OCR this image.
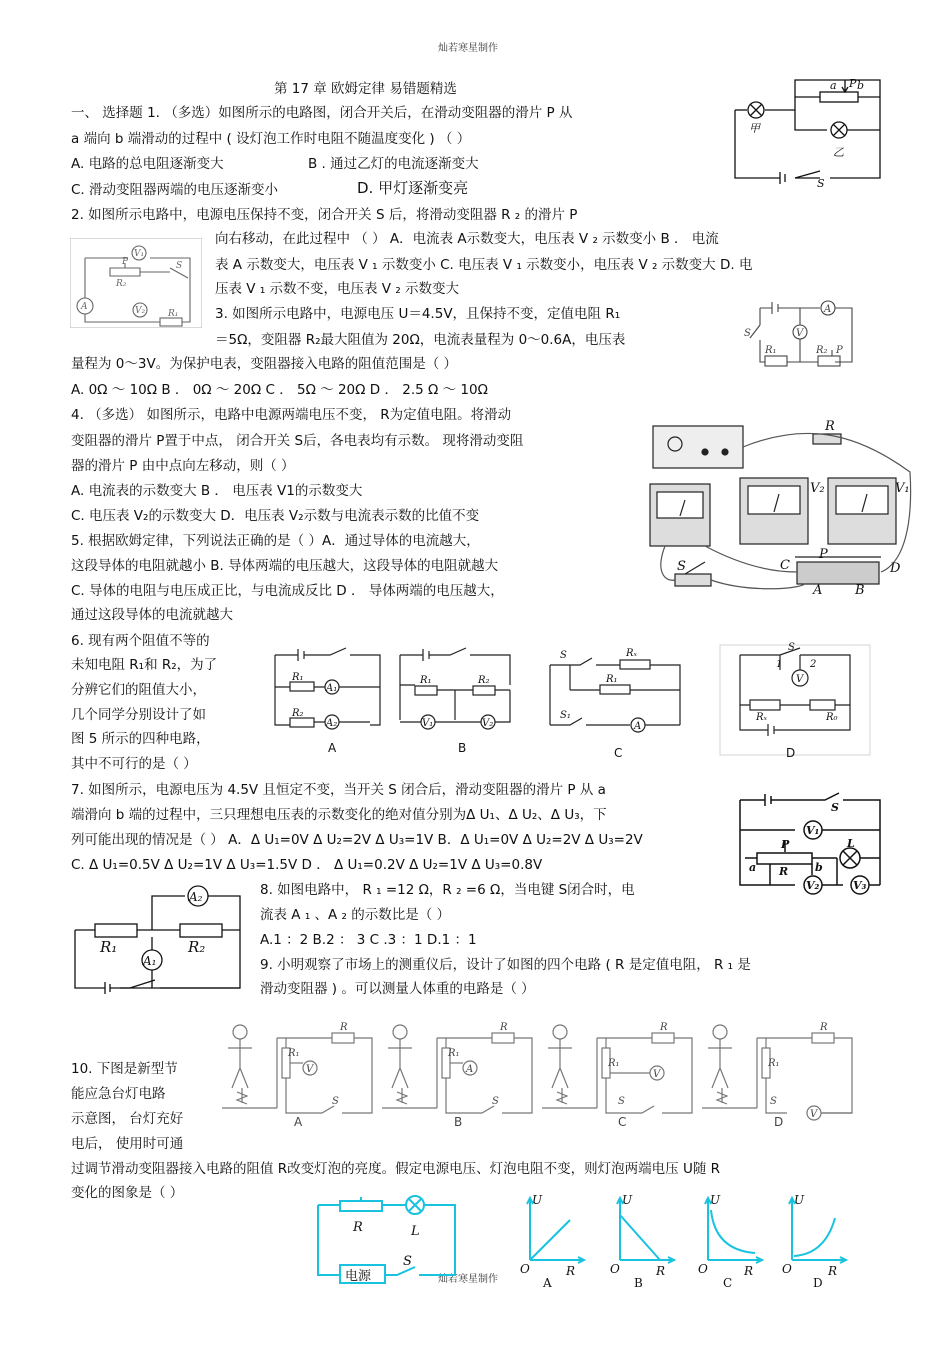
灿若寒星制作
灿若寒星制作
第 17 章 欧姆定律 易错题精选
一、 选择题 1. （多选）如图所示的电路图，闭合开关后，在滑动变阻器的滑片 P 从
a 端向 b 端滑动的过程中 ( 设灯泡工作时电阻不随温度变化 ) （ ）
A. 电路的总电阻逐渐变大	B . 通过乙灯的电流逐渐变大
C. 滑动变阻器两端的电压逐渐变小	D. 甲灯逐渐变亮
2. 如图所示电路中，电源电压保持不变，闭合开关 S 后，将滑动变阻器 R ₂ 的滑片 P
向右移动，在此过程中 （ ） A．电流表 A示数变大，电压表 V ₂ 示数变小 B ． 电流
表 A 示数变大，电压表 V ₁ 示数变小 C. 电压表 V ₁ 示数变小，电压表 V ₂ 示数变大 D. 电
压表 V ₁ 示数不变，电压表 V ₂ 示数变大
3. 如图所示电路中，电源电压 U＝4.5V，且保持不变，定值电阻 R₁
＝5Ω，变阻器 R₂最大阻值为 20Ω，电流表量程为 0～0.6A，电压表
量程为 0～3V。为保护电表，变阻器接入电路的阻值范围是（ ）
A. 0Ω ～ 10Ω B ． 0Ω ～ 20Ω C ． 5Ω ～ 20Ω D ． 2.5 Ω ～ 10Ω
4. （多选） 如图所示，电路中电源两端电压不变， R为定值电阻。将滑动
变阻器的滑片 P置于中点， 闭合开关 S后，各电表均有示数。 现将滑动变阻
器的滑片 P 由中点向左移动，则（ ）
A. 电流表的示数变大 B ． 电压表 V1的示数变大
C. 电压表 V₂的示数变大 D．电压表 V₂示数与电流表示数的比值不变
5. 根据欧姆定律，下列说法正确的是（ ）A．通过导体的电流越大，
这段导体的电阻就越小 B. 导体两端的电压越大，这段导体的电阻就越大
C. 导体的电阻与电压成正比，与电流成反比 D ． 导体两端的电压越大，
通过这段导体的电流就越大
6. 现有两个阻值不等的
未知电阻 R₁和 R₂，为了
分辨它们的阻值大小，
几个同学分别设计了如
图 5 所示的四种电路，
其中不可行的是（ ）
7. 如图所示，电源电压为 4.5V 且恒定不变，当开关 S 闭合后，滑动变阻器的滑片 P 从 a
端滑向 b 端的过程中，三只理想电压表的示数变化的绝对值分别为Δ U₁、Δ U₂、Δ U₃，下
列可能出现的情况是（ ） A．Δ U₁=0V Δ U₂=2V Δ U₃=1V B．Δ U₁=0V Δ U₂=2V Δ U₃=2V
C. Δ U₁=0.5V Δ U₂=1V Δ U₃=1.5V D ． Δ U₁=0.2V Δ U₂=1V Δ U₃=0.8V
8. 如图电路中， R ₁ =12 Ω，R ₂ =6 Ω，当电键 S闭合时，电
流表 A ₁ 、A ₂ 的示数比是（ ）
A.1 ：2 B.2 ： 3 C .3 ：1 D.1 ：1
9. 小明观察了市场上的测重仪后，设计了如图的四个电路 ( R 是定值电阻， R ₁ 是
滑动变阻器 ) 。可以测量人体重的电路是（ ）
10. 下图是新型节
能应急台灯电路
示意图， 台灯充好
电后， 使用时可通
过调节滑动变阻器接入电路的阻值 R改变灯泡的亮度。假定电源电压、灯泡电阻不变，则灯泡两端电压 U随 R
变化的图象是（ ）
a P b
甲
乙
S
V₁
P	S
R₂
A	V₂	R₁
S
A
V
R₁	R₂ P
R
V₂	V₁
C
P
D
S
A	B
R₁
R₂
A₁
A₂
A
R₁	R₂
V₁	V₂
B
S	Rₓ
R₁
S₁
A
C
1
S
2
V
Rₓ	R₀
D
S
V₁
P	L
a R b
V₂	V₃
A₂
R₁
A₁
R₂
R₁
V
R
S
A
R₁
A
R
S
B
R₁
V
R
S
C
R₁
V
R
S
D
R	L
电源
S
U
O	R
A
U
O	R
B
U
O	R
C
U
O	R
D
